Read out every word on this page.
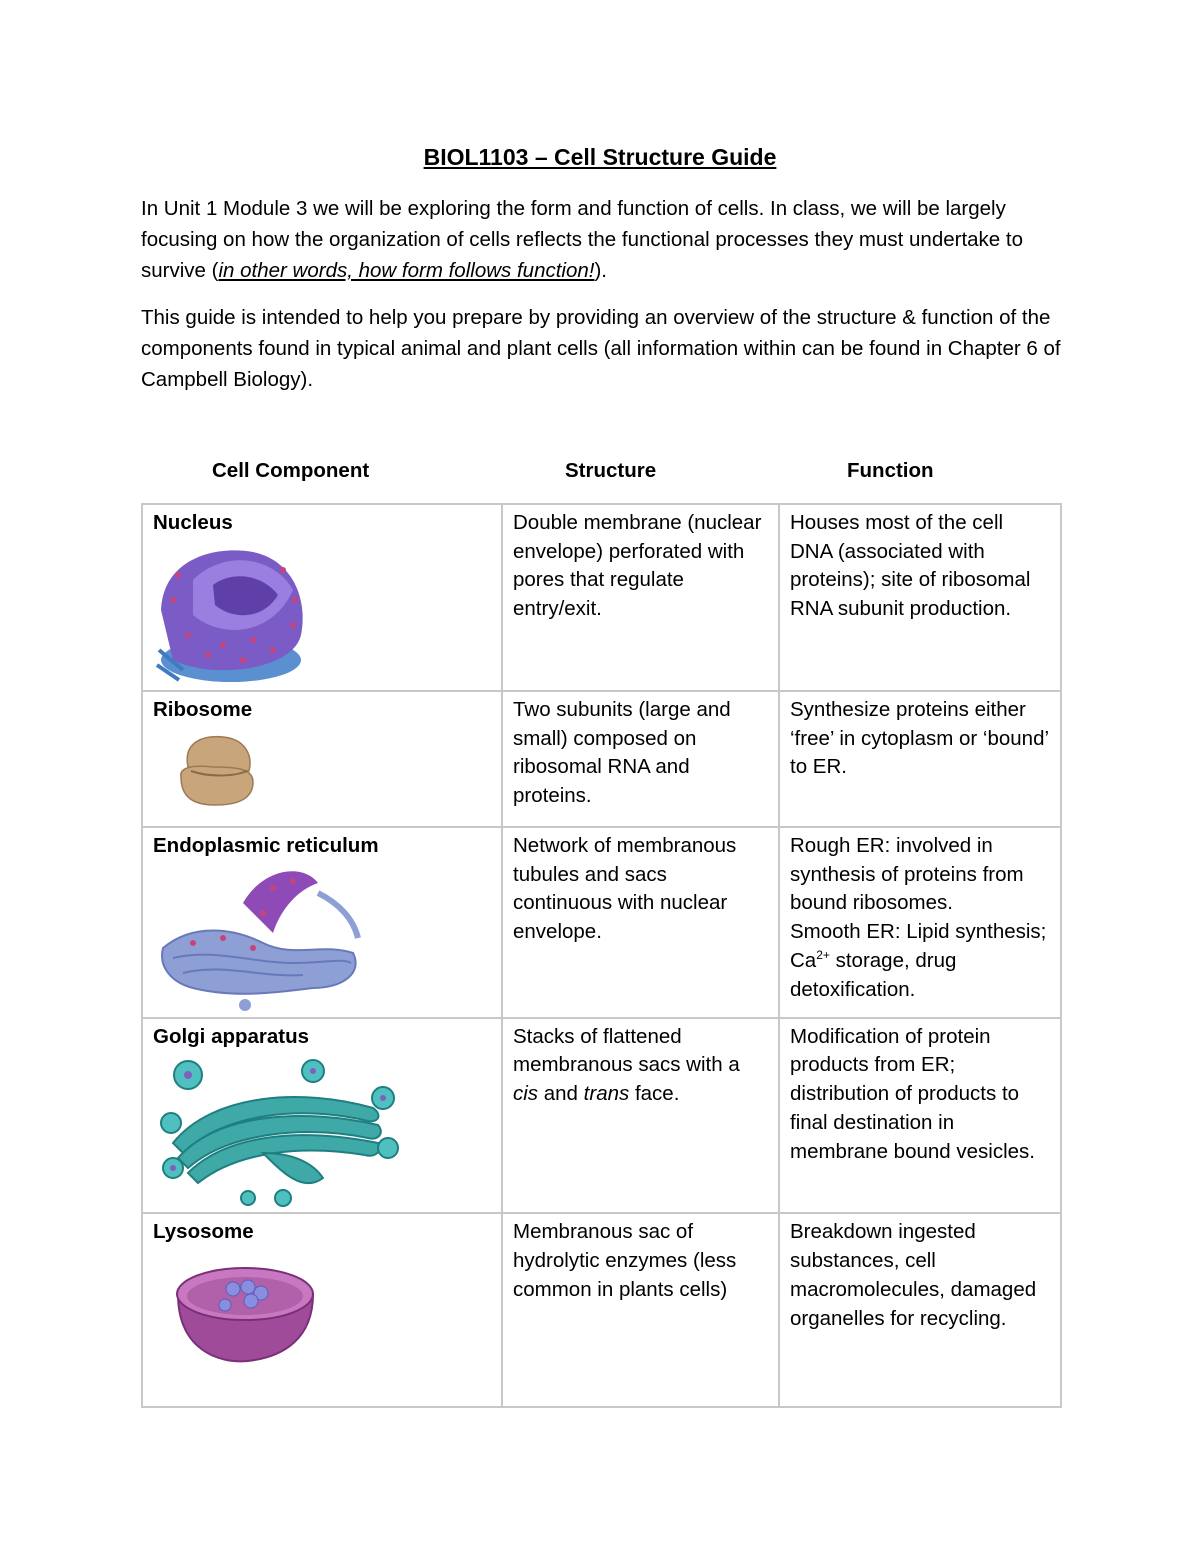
BIOL1103 – Cell Structure Guide
In Unit 1 Module 3 we will be exploring the form and function of cells. In class, we will be largely focusing on how the organization of cells reflects the functional processes they must undertake to survive (in other words, how form follows function!).
This guide is intended to help you prepare by providing an overview of the structure & function of the components found in typical animal and plant cells (all information within can be found in Chapter 6 of Campbell Biology).
Cell Component	Structure	Function
Nucleus	Double membrane (nuclear envelope) perforated with pores that regulate entry/exit.	Houses most of the cell DNA (associated with proteins); site of ribosomal RNA subunit production.

Ribosome	Two subunits (large and small) composed on ribosomal RNA and proteins.	Synthesize proteins either ‘free’ in cytoplasm or ‘bound’ to ER.

Endoplasmic reticulum	Network of membranous tubules and sacs continuous with nuclear envelope.	Rough ER: involved in synthesis of proteins from bound ribosomes.
Smooth ER: Lipid synthesis; $Ca^{2+}$ storage, drug detoxification.

Golgi apparatus	Stacks of flattened membranous sacs with a cis and trans face.	Modification of protein products from ER; distribution of products to final destination in membrane bound vesicles.

Lysosome	Membranous sac of hydrolytic enzymes (less common in plants cells)	Breakdown ingested substances, cell macromolecules, damaged organelles for recycling.
